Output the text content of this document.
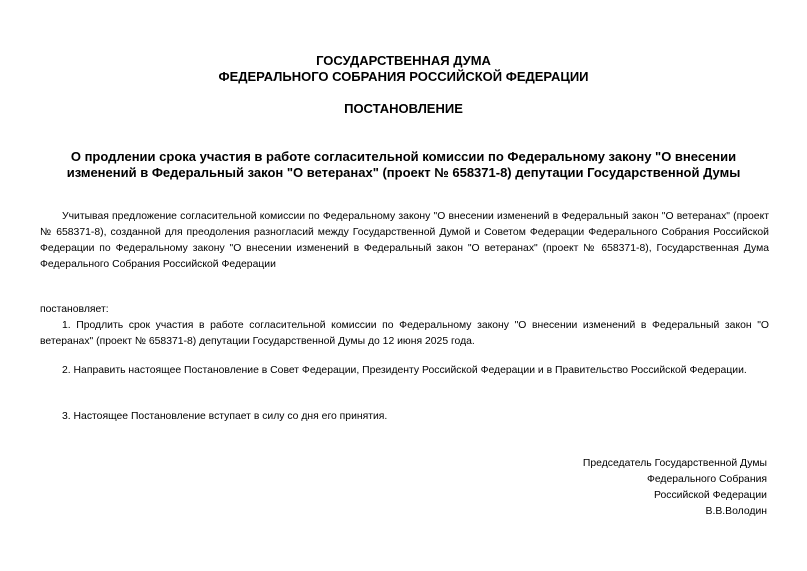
ГОСУДАРСТВЕННАЯ ДУМА
ФЕДЕРАЛЬНОГО СОБРАНИЯ РОССИЙСКОЙ ФЕДЕРАЦИИ
ПОСТАНОВЛЕНИЕ
О продлении срока участия в работе согласительной комиссии по Федеральному закону "О внесении изменений в Федеральный закон "О ветеранах" (проект № 658371-8) депутации Государственной Думы
Учитывая предложение согласительной комиссии по Федеральному закону "О внесении изменений в Федеральный закон "О ветеранах" (проект № 658371-8), созданной для преодоления разногласий между Государственной Думой и Советом Федерации Федерального Собрания Российской Федерации по Федеральному закону "О внесении изменений в Федеральный закон "О ветеранах" (проект № 658371-8), Государственная Дума Федерального Собрания Российской Федерации
постановляет:
1. Продлить срок участия в работе согласительной комиссии по Федеральному закону "О внесении изменений в Федеральный закон "О ветеранах" (проект № 658371-8) депутации Государственной Думы до 12 июня 2025 года.
2. Направить настоящее Постановление в Совет Федерации, Президенту Российской Федерации и в Правительство Российской Федерации.
3. Настоящее Постановление вступает в силу со дня его принятия.
Председатель Государственной Думы
Федерального Собрания
Российской Федерации
В.В.Володин
